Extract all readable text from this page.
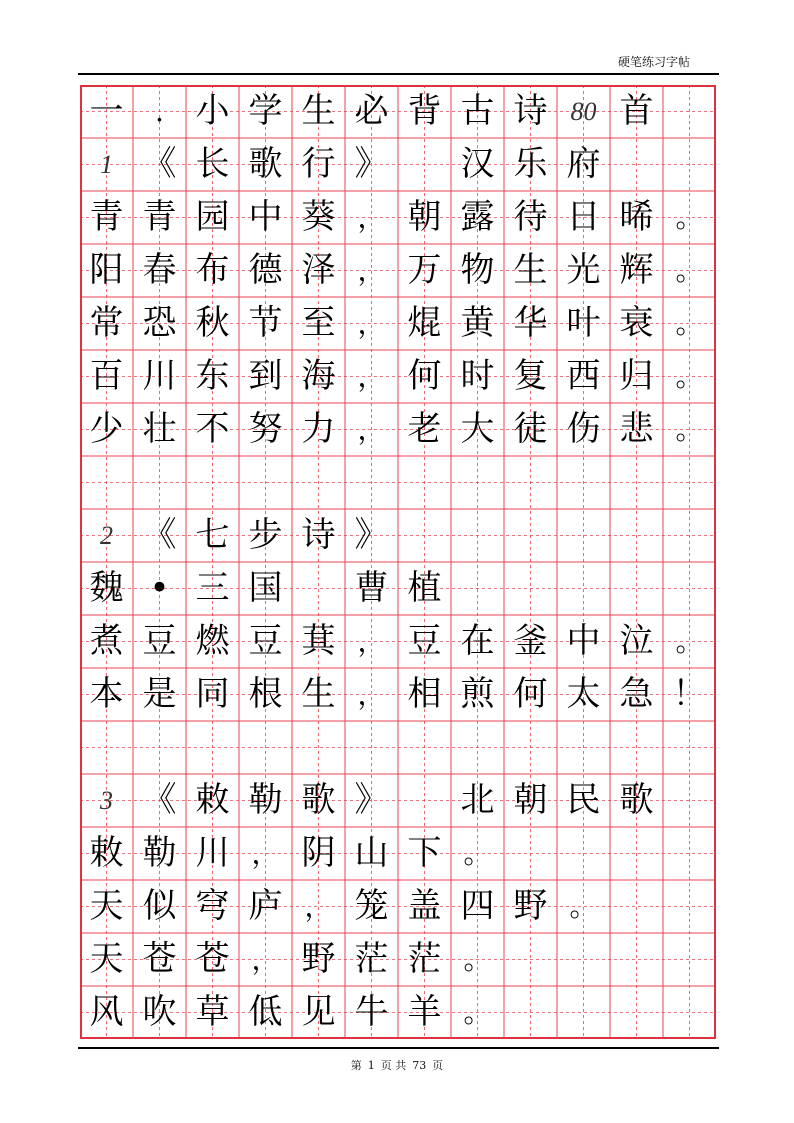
硬笔练习字帖
一	. 小 学 生 必 背 古 诗 80 首
1 《 长 歌 行 》 汉 乐 府
青 青 园 中 葵 ， 朝 露 待 日 晞 。
阳 春 布 德 泽 ， 万 物 生 光 辉 。
常 恐 秋 节 至 ， 焜 黄 华 叶 衰 。
百 川 东 到 海 ， 何 时 复 西 归 。
少 壮 不 努 力 ， 老 大 徒 伤 悲 。
2 《 七 步 诗 》
魏 • 三 国 曹 植
煮 豆 燃 豆 萁 ， 豆 在 釜 中 泣 。
本 是 同 根 生 ， 相 煎 何 太 急 ！
3 《 敕 勒 歌 》 北 朝 民 歌
敕 勒 川 ， 阴 山 下 。
天 似 穹 庐 ， 笼 盖 四 野 。
天 苍 苍 ， 野 茫 茫 。
风 吹 草 低 见 牛 羊 。
第 1 页 共 73 页
